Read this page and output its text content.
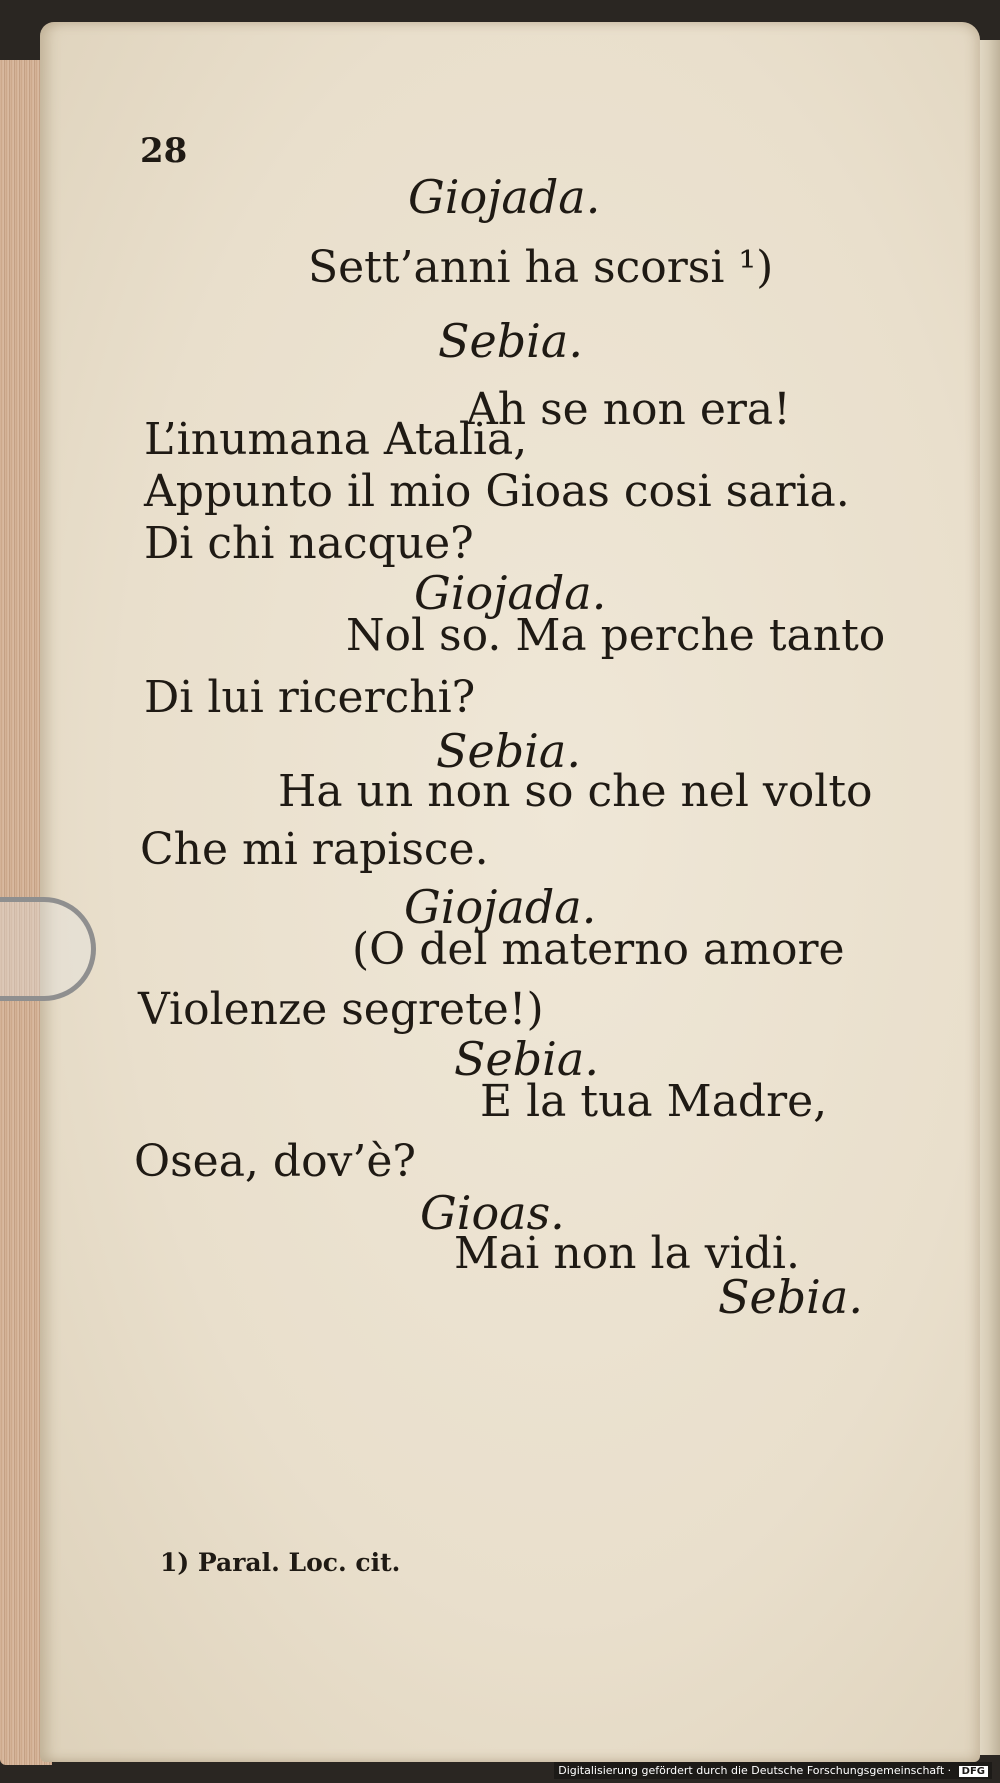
28
Giojada.
Sett’anni ha scorsi ¹)
Sebia.
Ah se non era!
L’inumana Atalia,
Appunto il mio Gioas cosi saria.
Di chi nacque?
Giojada.
Nol so. Ma perche tanto
Di lui ricerchi?
Sebia.
Ha un non so che nel volto
Che mi rapisce.
Giojada.
(O del materno amore
Violenze segrete!)
Sebia.
E la tua Madre,
Osea, dov’è?
Gioas.
Mai non la vidi.
Sebia.
1) Paral. Loc. cit.
Digitalisierung gefördert durch die Deutsche Forschungsgemeinschaft · DFG
